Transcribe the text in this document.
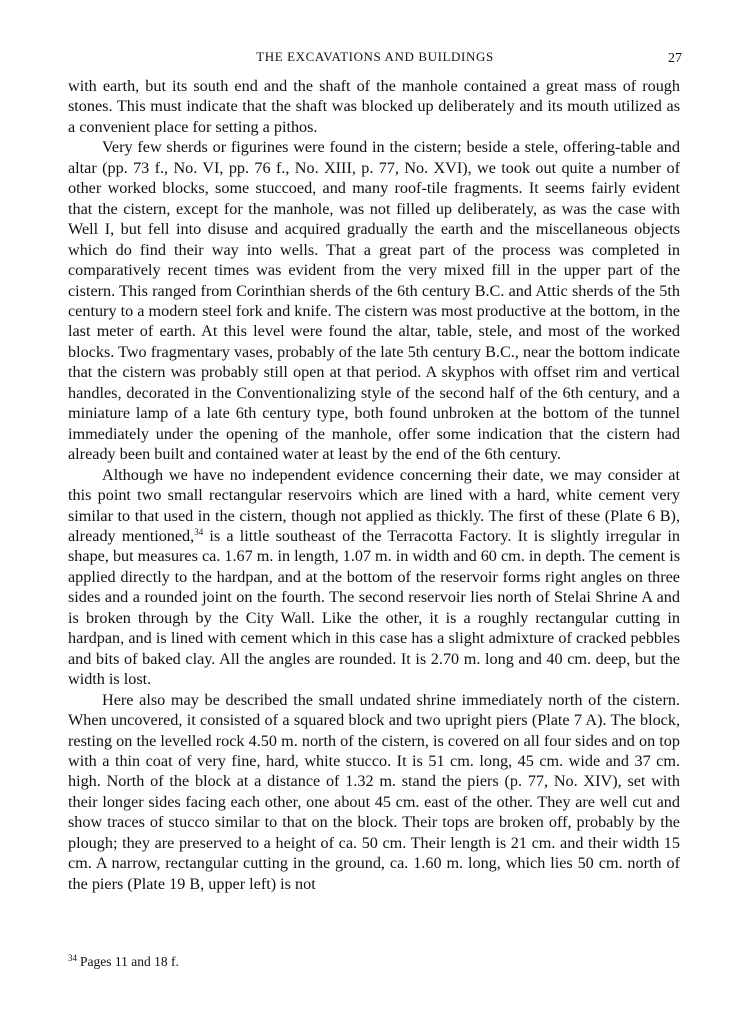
THE EXCAVATIONS AND BUILDINGS	27

with earth, but its south end and the shaft of the manhole contained a great mass of rough stones. This must indicate that the shaft was blocked up deliberately and its mouth utilized as a convenient place for setting a pithos.

Very few sherds or figurines were found in the cistern; beside a stele, offering-table and altar (pp. 73 f., No. VI, pp. 76 f., No. XIII, p. 77, No. XVI), we took out quite a number of other worked blocks, some stuccoed, and many roof-tile fragments. It seems fairly evident that the cistern, except for the manhole, was not filled up deliberately, as was the case with Well I, but fell into disuse and acquired gradually the earth and the miscellaneous objects which do find their way into wells. That a great part of the process was completed in comparatively recent times was evident from the very mixed fill in the upper part of the cistern. This ranged from Corinthian sherds of the 6th century B.C. and Attic sherds of the 5th century to a modern steel fork and knife. The cistern was most productive at the bottom, in the last meter of earth. At this level were found the altar, table, stele, and most of the worked blocks. Two fragmentary vases, probably of the late 5th century B.C., near the bottom indicate that the cistern was probably still open at that period. A skyphos with offset rim and vertical handles, decorated in the Conventionalizing style of the second half of the 6th century, and a miniature lamp of a late 6th century type, both found unbroken at the bottom of the tunnel immediately under the opening of the manhole, offer some indication that the cistern had already been built and contained water at least by the end of the 6th century.

Although we have no independent evidence concerning their date, we may consider at this point two small rectangular reservoirs which are lined with a hard, white cement very similar to that used in the cistern, though not applied as thickly. The first of these (Plate 6 B), already mentioned,$^{34}$ is a little southeast of the Terracotta Factory. It is slightly irregular in shape, but measures ca. 1.67 m. in length, 1.07 m. in width and 60 cm. in depth. The cement is applied directly to the hardpan, and at the bottom of the reservoir forms right angles on three sides and a rounded joint on the fourth. The second reservoir lies north of Stelai Shrine A and is broken through by the City Wall. Like the other, it is a roughly rectangular cutting in hardpan, and is lined with cement which in this case has a slight admixture of cracked pebbles and bits of baked clay. All the angles are rounded. It is 2.70 m. long and 40 cm. deep, but the width is lost.

Here also may be described the small undated shrine immediately north of the cistern. When uncovered, it consisted of a squared block and two upright piers (Plate 7 A). The block, resting on the levelled rock 4.50 m. north of the cistern, is covered on all four sides and on top with a thin coat of very fine, hard, white stucco. It is 51 cm. long, 45 cm. wide and 37 cm. high. North of the block at a distance of 1.32 m. stand the piers (p. 77, No. XIV), set with their longer sides facing each other, one about 45 cm. east of the other. They are well cut and show traces of stucco similar to that on the block. Their tops are broken off, probably by the plough; they are preserved to a height of ca. 50 cm. Their length is 21 cm. and their width 15 cm. A narrow, rectangular cutting in the ground, ca. 1.60 m. long, which lies 50 cm. north of the piers (Plate 19 B, upper left) is not

$^{34}$ Pages 11 and 18 f.
